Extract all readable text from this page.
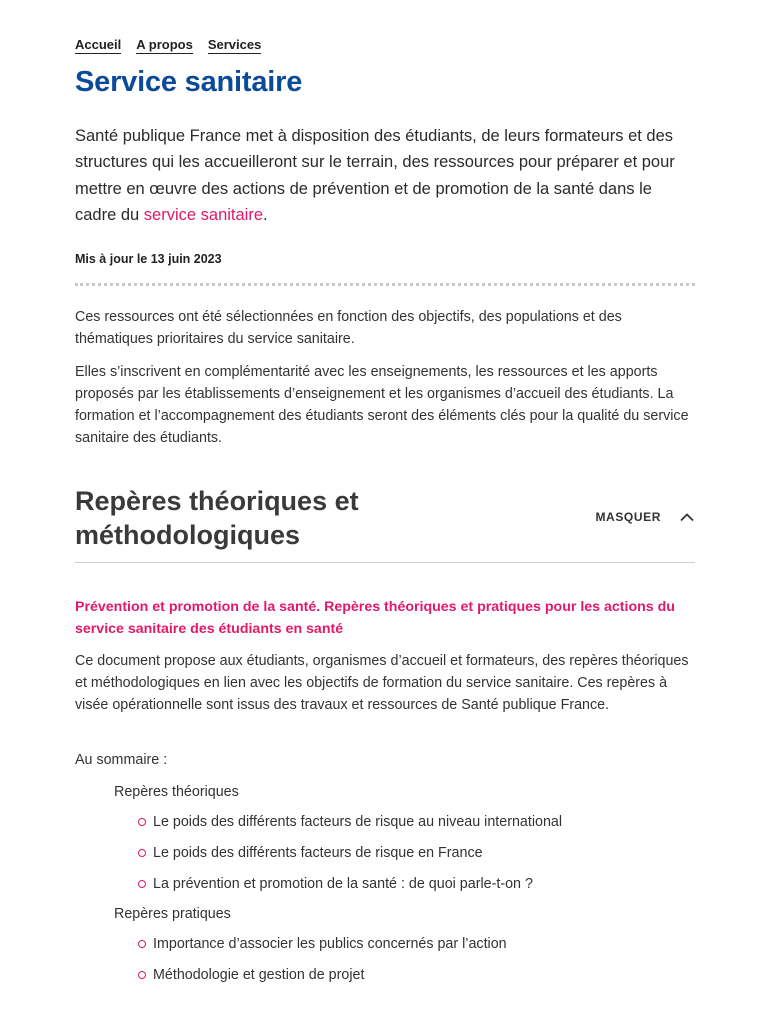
Accueil A propos Services
Service sanitaire

Santé publique France met à disposition des étudiants, de leurs formateurs et des structures qui les accueilleront sur le terrain, des ressources pour préparer et pour mettre en œuvre des actions de prévention et de promotion de la santé dans le cadre du service sanitaire.

Mis à jour le 13 juin 2023

Ces ressources ont été sélectionnées en fonction des objectifs, des populations et des thématiques prioritaires du service sanitaire.

Elles s’inscrivent en complémentarité avec les enseignements, les ressources et les apports proposés par les établissements d’enseignement et les organismes d’accueil des étudiants. La formation et l’accompagnement des étudiants seront des éléments clés pour la qualité du service sanitaire des étudiants.

Repères théoriques et méthodologiques
MASQUER
Prévention et promotion de la santé. Repères théoriques et pratiques pour les actions du service sanitaire des étudiants en santé

Ce document propose aux étudiants, organismes d’accueil et formateurs, des repères théoriques et méthodologiques en lien avec les objectifs de formation du service sanitaire. Ces repères à visée opérationnelle sont issus des travaux et ressources de Santé publique France.

Au sommaire :

Repères théoriques

Le poids des différents facteurs de risque au niveau international
Le poids des différents facteurs de risque en France
La prévention et promotion de la santé : de quoi parle-t-on ?

Repères pratiques

Importance d’associer les publics concernés par l’action
Méthodologie et gestion de projet
